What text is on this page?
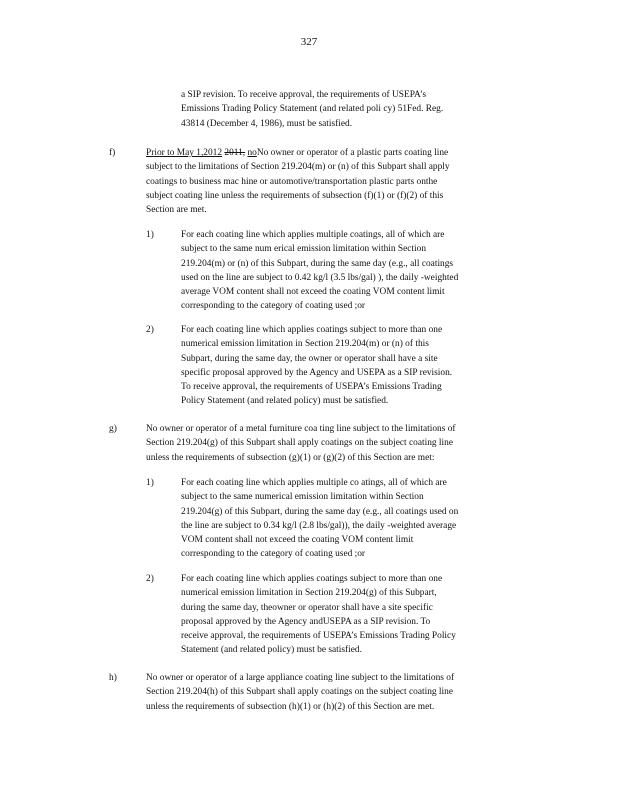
327
a SIP revision. To receive approval, the requirements of USEPA’s
Emissions Trading Policy Statement (and related poli cy) 51Fed. Reg.
43814 (December 4, 1986), must be satisfied.
f)	Prior to May 1,2012 2011, noNo owner or operator of a plastic parts coating line
subject to the limitations of Section 219.204(m) or (n) of this Subpart shall apply
coatings to business mac hine or automotive/transportation plastic parts onthe
subject coating line unless the requirements of subsection (f)(1) or (f)(2) of this
Section are met.
1)	For each coating line which applies multiple coatings, all of which are
subject to the same num erical emission limitation within Section
219.204(m) or (n) of this Subpart, during the same day (e.g., all coatings
used on the line are subject to 0.42 kg/l (3.5 lbs/gal) ), the daily -weighted
average VOM content shall not exceed the coating VOM content limit
corresponding to the category of coating used ;or
2)	For each coating line which applies coatings subject to more than one
numerical emission limitation in Section 219.204(m) or (n) of this
Subpart, during the same day, the owner or operator shall have a site
specific proposal approved by the Agency and USEPA as a SIP revision.
To receive approval, the requirements of USEPA’s Emissions Trading
Policy Statement (and related policy) must be satisfied.
g)	No owner or operator of a metal furniture coa ting line subject to the limitations of
Section 219.204(g) of this Subpart shall apply coatings on the subject coating line
unless the requirements of subsection (g)(1) or (g)(2) of this Section are met:
1)	For each coating line which applies multiple co atings, all of which are
subject to the same numerical emission limitation within Section
219.204(g) of this Subpart, during the same day (e.g., all coatings used on
the line are subject to 0.34 kg/l (2.8 lbs/gal)), the daily -weighted average
VOM content shall not exceed the coating VOM content limit
corresponding to the category of coating used ;or
2)	For each coating line which applies coatings subject to more than one
numerical emission limitation in Section 219.204(g) of this Subpart,
during the same day, theowner or operator shall have a site specific
proposal approved by the Agency andUSEPA as a SIP revision. To
receive approval, the requirements of USEPA’s Emissions Trading Policy
Statement (and related policy) must be satisfied.
h)	No owner or operator of a large appliance coating line subject to the limitations of
Section 219.204(h) of this Subpart shall apply coatings on the subject coating line
unless the requirements of subsection (h)(1) or (h)(2) of this Section are met.
